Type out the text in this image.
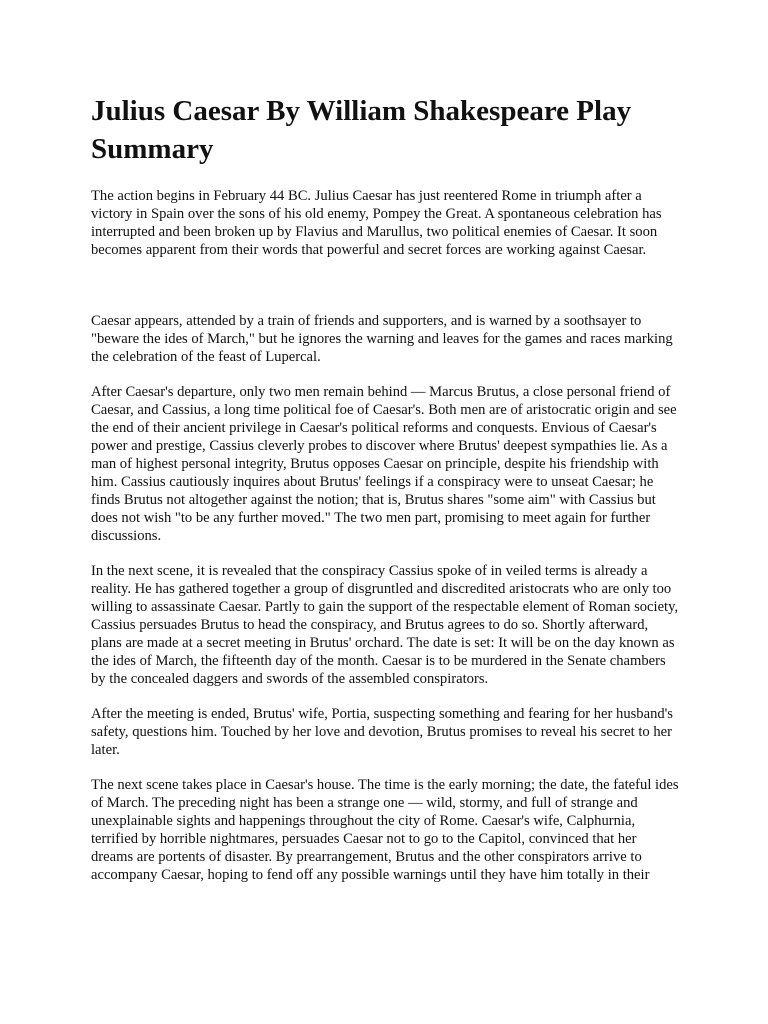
Julius Caesar By William Shakespeare Play Summary

The action begins in February 44 BC. Julius Caesar has just reentered Rome in triumph after a victory in Spain over the sons of his old enemy, Pompey the Great. A spontaneous celebration has interrupted and been broken up by Flavius and Marullus, two political enemies of Caesar. It soon becomes apparent from their words that powerful and secret forces are working against Caesar.

Caesar appears, attended by a train of friends and supporters, and is warned by a soothsayer to "beware the ides of March," but he ignores the warning and leaves for the games and races marking the celebration of the feast of Lupercal.

After Caesar's departure, only two men remain behind — Marcus Brutus, a close personal friend of Caesar, and Cassius, a long time political foe of Caesar's. Both men are of aristocratic origin and see the end of their ancient privilege in Caesar's political reforms and conquests. Envious of Caesar's power and prestige, Cassius cleverly probes to discover where Brutus' deepest sympathies lie. As a man of highest personal integrity, Brutus opposes Caesar on principle, despite his friendship with him. Cassius cautiously inquires about Brutus' feelings if a conspiracy were to unseat Caesar; he finds Brutus not altogether against the notion; that is, Brutus shares "some aim" with Cassius but does not wish "to be any further moved." The two men part, promising to meet again for further discussions.

In the next scene, it is revealed that the conspiracy Cassius spoke of in veiled terms is already a reality. He has gathered together a group of disgruntled and discredited aristocrats who are only too willing to assassinate Caesar. Partly to gain the support of the respectable element of Roman society, Cassius persuades Brutus to head the conspiracy, and Brutus agrees to do so. Shortly afterward, plans are made at a secret meeting in Brutus' orchard. The date is set: It will be on the day known as the ides of March, the fifteenth day of the month. Caesar is to be murdered in the Senate chambers by the concealed daggers and swords of the assembled conspirators.

After the meeting is ended, Brutus' wife, Portia, suspecting something and fearing for her husband's safety, questions him. Touched by her love and devotion, Brutus promises to reveal his secret to her later.

The next scene takes place in Caesar's house. The time is the early morning; the date, the fateful ides of March. The preceding night has been a strange one — wild, stormy, and full of strange and unexplainable sights and happenings throughout the city of Rome. Caesar's wife, Calphurnia, terrified by horrible nightmares, persuades Caesar not to go to the Capitol, convinced that her dreams are portents of disaster. By prearrangement, Brutus and the other conspirators arrive to accompany Caesar, hoping to fend off any possible warnings until they have him totally in their
